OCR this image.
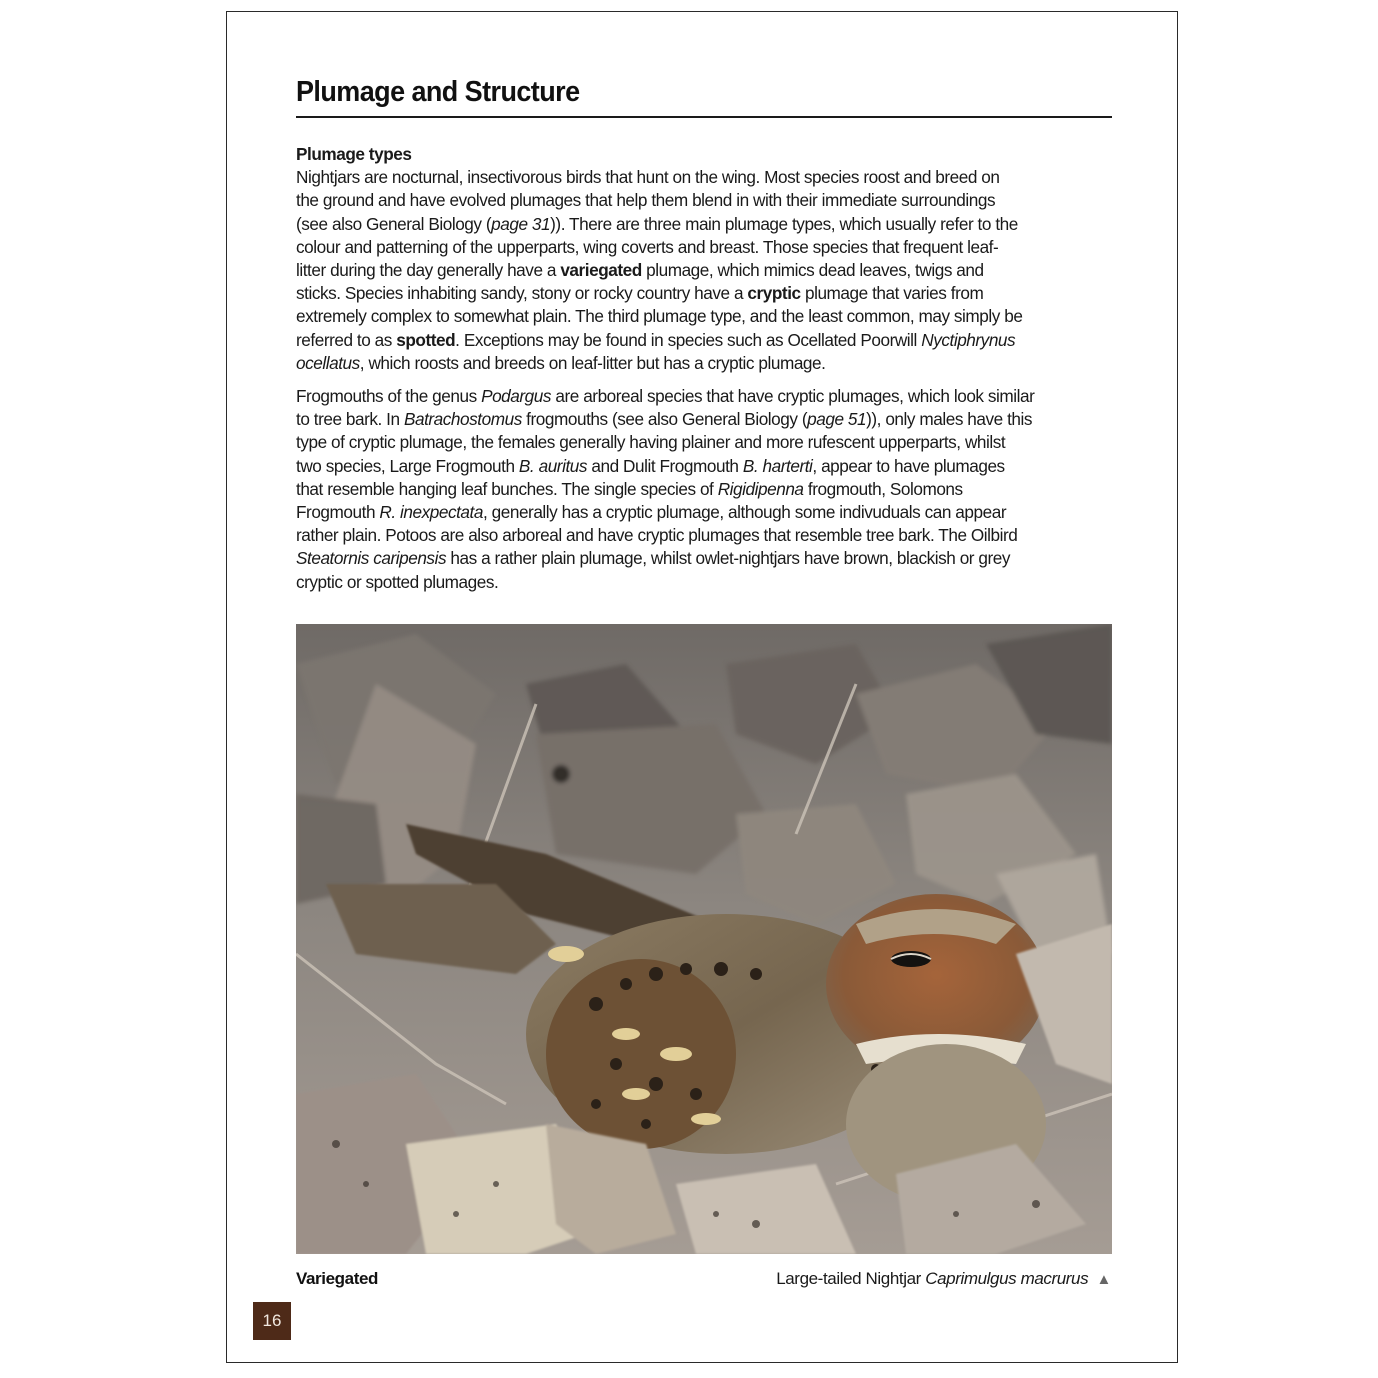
Plumage and Structure
Plumage types

Nightjars are nocturnal, insectivorous birds that hunt on the wing. Most species roost and breed on
the ground and have evolved plumages that help them blend in with their immediate surroundings
(see also General Biology (page 31)). There are three main plumage types, which usually refer to the
colour and patterning of the upperparts, wing coverts and breast. Those species that frequent leaf-
litter during the day generally have a variegated plumage, which mimics dead leaves, twigs and
sticks. Species inhabiting sandy, stony or rocky country have a cryptic plumage that varies from
extremely complex to somewhat plain. The third plumage type, and the least common, may simply be
referred to as spotted. Exceptions may be found in species such as Ocellated Poorwill Nyctiphrynus
ocellatus, which roosts and breeds on leaf-litter but has a cryptic plumage.

Frogmouths of the genus Podargus are arboreal species that have cryptic plumages, which look similar
to tree bark. In Batrachostomus frogmouths (see also General Biology (page 51)), only males have this
type of cryptic plumage, the females generally having plainer and more rufescent upperparts, whilst
two species, Large Frogmouth B. auritus and Dulit Frogmouth B. harterti, appear to have plumages
that resemble hanging leaf bunches. The single species of Rigidipenna frogmouth, Solomons
Frogmouth R. inexpectata, generally has a cryptic plumage, although some indivuduals can appear
rather plain. Potoos are also arboreal and have cryptic plumages that resemble tree bark. The Oilbird
Steatornis caripensis has a rather plain plumage, whilst owlet-nightjars have brown, blackish or grey
cryptic or spotted plumages.

Variegated	Large-tailed Nightjar Caprimulgus macrurus ▲
16
